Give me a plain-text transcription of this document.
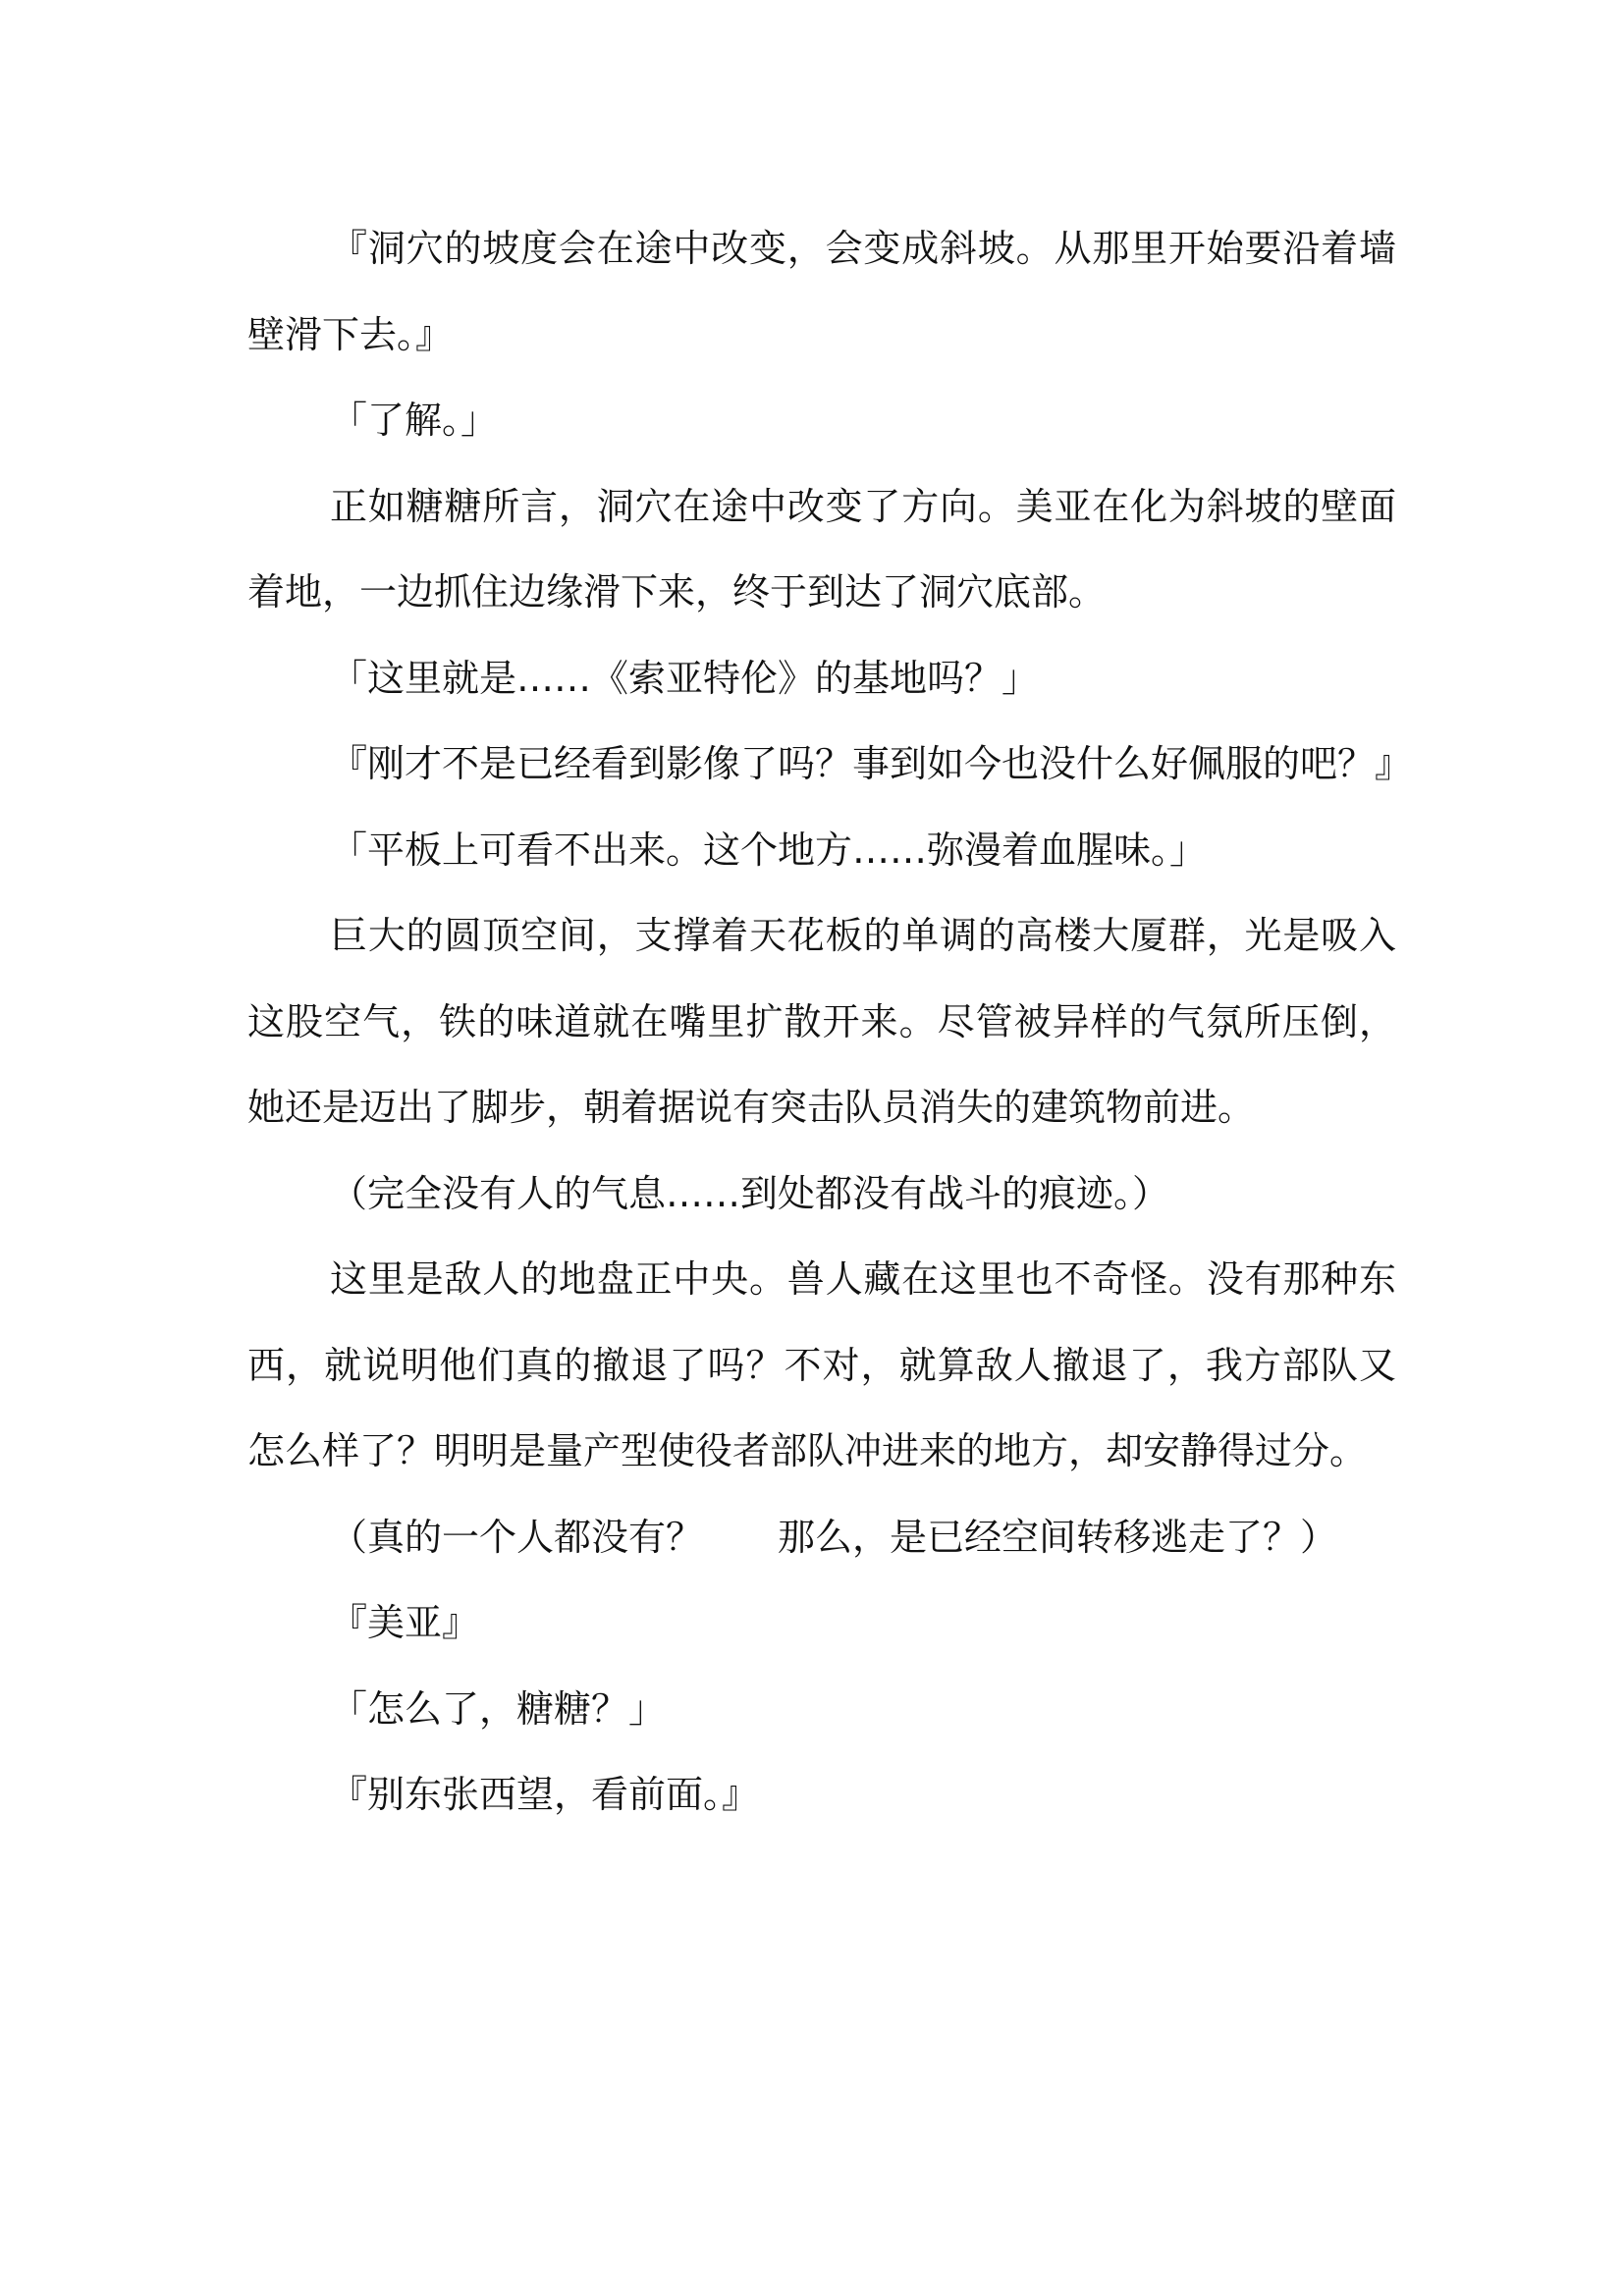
『洞穴的坡度会在途中改变，会变成斜坡。从那里开始要沿着墙壁滑下去。』

「了解。」

正如糖糖所言，洞穴在途中改变了方向。美亚在化为斜坡的壁面着地，一边抓住边缘滑下来，终于到达了洞穴底部。

「这里就是……《索亚特伦》的基地吗？」

『刚才不是已经看到影像了吗？事到如今也没什么好佩服的吧？』

「平板上可看不出来。这个地方……弥漫着血腥味。」

巨大的圆顶空间，支撑着天花板的单调的高楼大厦群，光是吸入这股空气，铁的味道就在嘴里扩散开来。尽管被异样的气氛所压倒，她还是迈出了脚步，朝着据说有突击队员消失的建筑物前进。

（完全没有人的气息……到处都没有战斗的痕迹。）

这里是敌人的地盘正中央。兽人藏在这里也不奇怪。没有那种东西，就说明他们真的撤退了吗？不对，就算敌人撤退了，我方部队又怎么样了？明明是量产型使役者部队冲进来的地方，却安静得过分。

（真的一个人都没有？　　那么，是已经空间转移逃走了？）

『美亚』

「怎么了，糖糖？」

『别东张西望，看前面。』
